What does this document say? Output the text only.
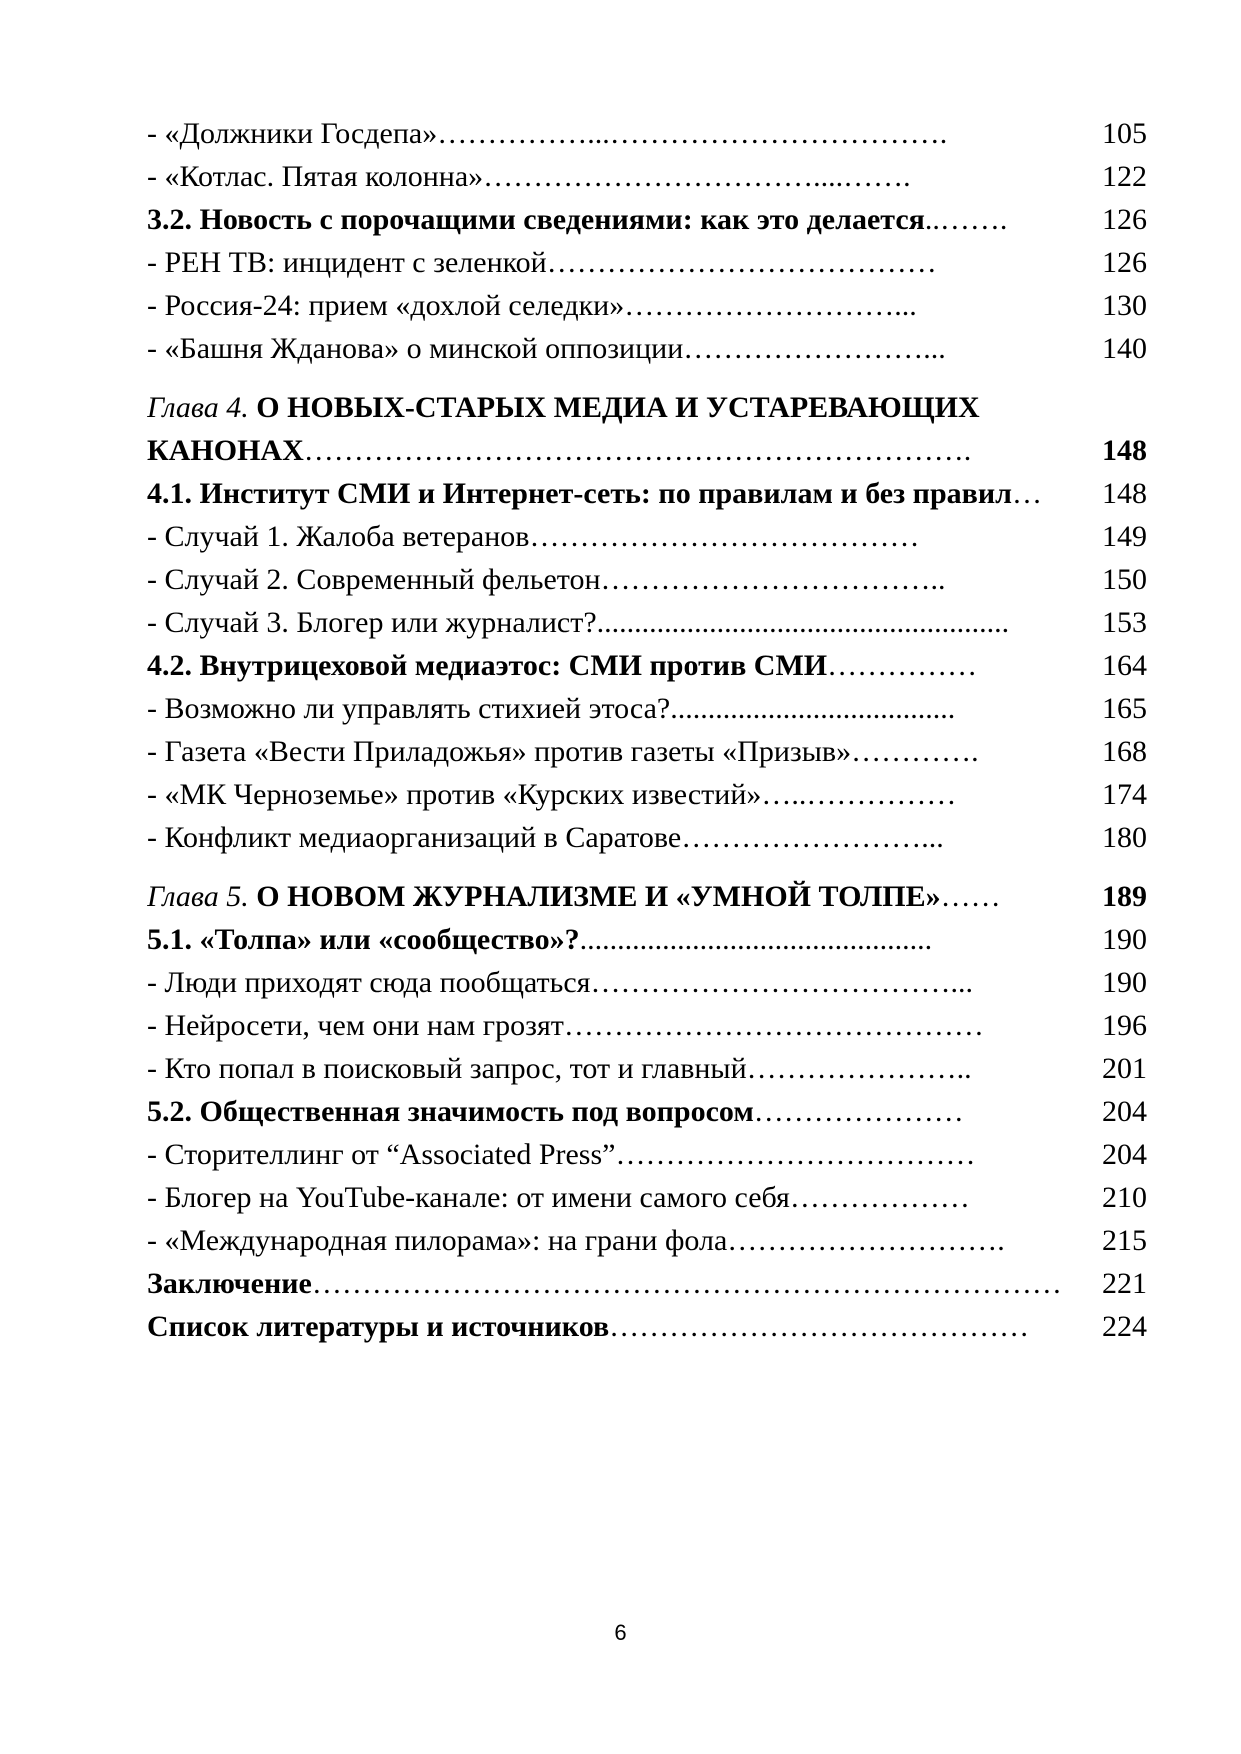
- «Должники Госдепа»……………...…………………………….	105
- «Котлас. Пятая колонна»……………………………....…….	122
3.2. Новость с порочащими сведениями: как это делается..…….	126
- РЕН ТВ: инцидент с зеленкой…………………………………	126
- Россия-24: прием «дохлой селедки»………………………...	130
- «Башня Жданова» о минской оппозиции……………………...	140
Глава 4. О НОВЫХ-СТАРЫХ МЕДИА И УСТАРЕВАЮЩИХ КАНОНАХ………………………………………………………….	148
4.1. Институт СМИ и Интернет-сеть: по правилам и без правил…	148
- Случай 1. Жалоба ветеранов…………………………………	149
- Случай 2. Современный фельетон……………………………..	150
- Случай 3. Блогер или журналист?.......................................................	153
4.2. Внутрицеховой медиаэтос: СМИ против СМИ……………	164
- Возможно ли управлять стихией этоса?......................................	165
- Газета «Вести Приладожья» против газеты «Призыв»………….	168
- «МК Черноземье» против «Курских известий»…..……………	174
- Конфликт медиаорганизаций в Саратове……………………...	180
Глава 5. О НОВОМ ЖУРНАЛИЗМЕ И «УМНОЙ ТОЛПЕ»……	189
5.1. «Толпа» или «сообщество»?...............................................	190
- Люди приходят сюда пообщаться………………………………...	190
- Нейросети, чем они нам грозят……………………………………	196
- Кто попал в поисковый запрос, тот и главный…………………..	201
5.2. Общественная значимость под вопросом…………………	204
- Сторителлинг от “Associated Press”………………………………	204
- Блогер на YouTube-канале: от имени самого себя………………	210
- «Международная пилорама»: на грани фола……………………….	215
Заключение…………………………………………………………………	221
Список литературы и источников……………………………………	224
6
